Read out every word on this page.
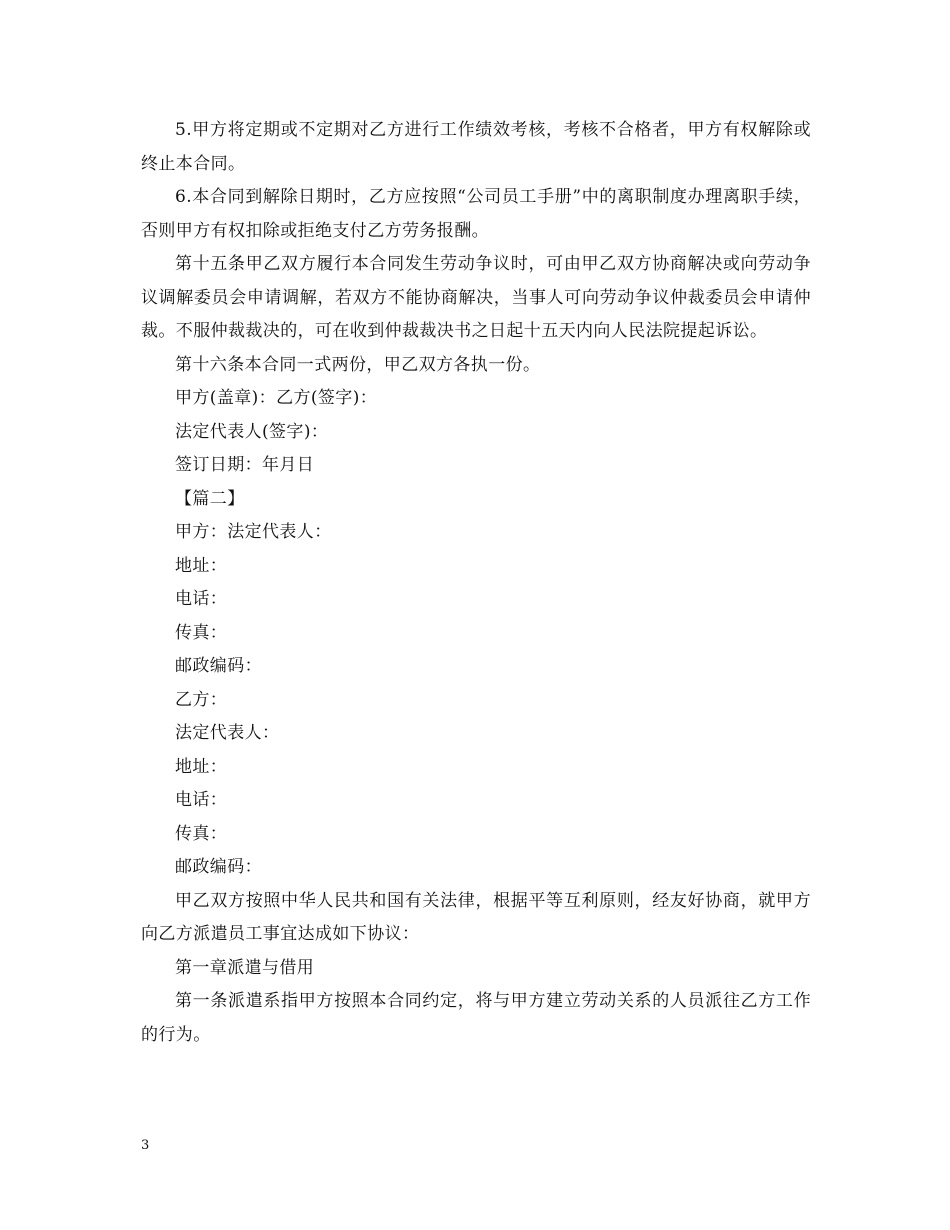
5.甲方将定期或不定期对乙方进行工作绩效考核，考核不合格者，甲方有权解除或终止本合同。

6.本合同到解除日期时，乙方应按照“公司员工手册”中的离职制度办理离职手续，否则甲方有权扣除或拒绝支付乙方劳务报酬。

第十五条甲乙双方履行本合同发生劳动争议时，可由甲乙双方协商解决或向劳动争议调解委员会申请调解，若双方不能协商解决，当事人可向劳动争议仲裁委员会申请仲裁。不服仲裁裁决的，可在收到仲裁裁决书之日起十五天内向人民法院提起诉讼。

第十六条本合同一式两份，甲乙双方各执一份。

甲方(盖章)：乙方(签字)：

法定代表人(签字)：

签订日期：年月日

【篇二】

甲方：法定代表人：

地址：

电话：

传真：

邮政编码：

乙方：

法定代表人：

地址：

电话：

传真：

邮政编码：

甲乙双方按照中华人民共和国有关法律，根据平等互利原则，经友好协商，就甲方向乙方派遣员工事宜达成如下协议：

第一章派遣与借用

第一条派遣系指甲方按照本合同约定，将与甲方建立劳动关系的人员派往乙方工作的行为。

3
